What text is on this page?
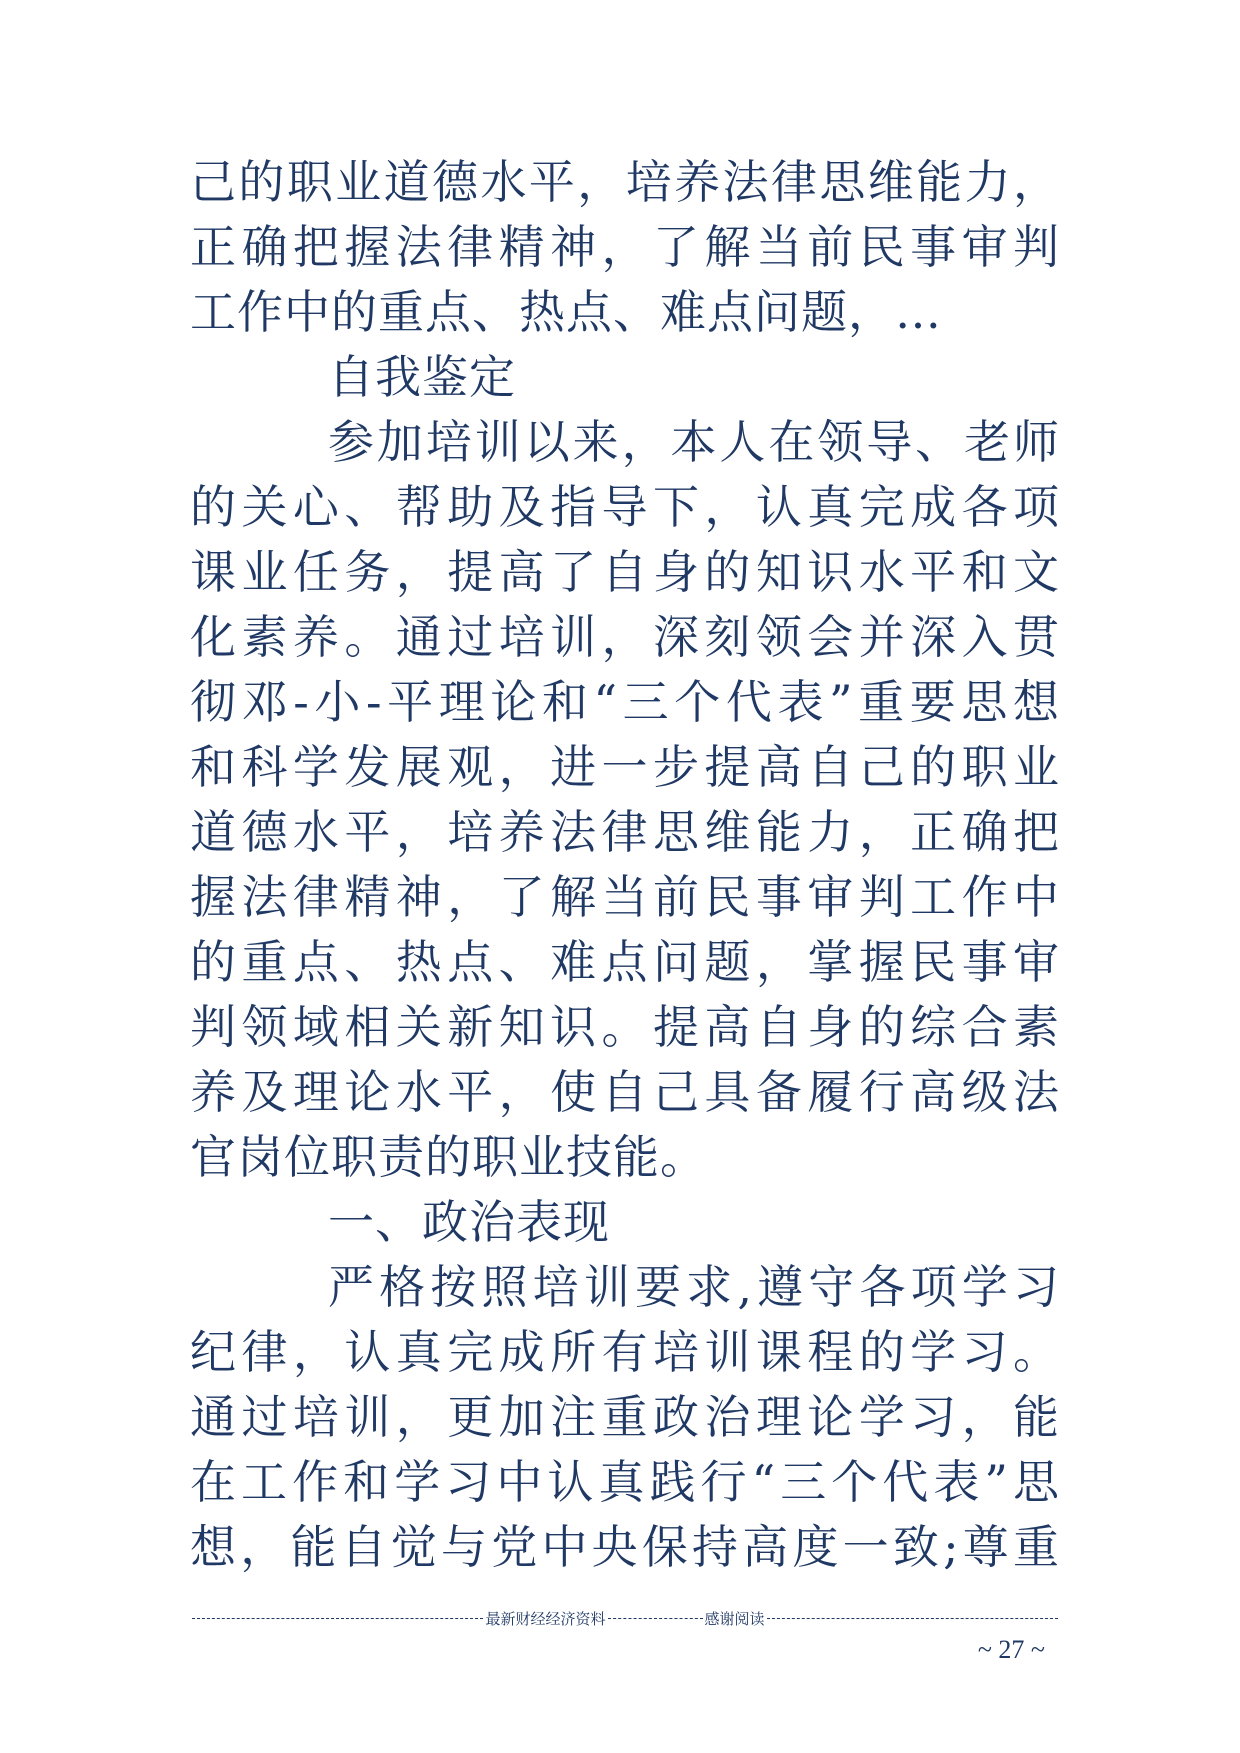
己的职业道德水平，培养法律思维能力，
正确把握法律精神，了解当前民事审判
工作中的重点、热点、难点问题，…
自我鉴定
参加培训以来，本人在领导、老师
的关心、帮助及指导下，认真完成各项
课业任务，提高了自身的知识水平和文
化素养。通过培训，深刻领会并深入贯
彻邓-小-平理论和“三个代表”重要思想
和科学发展观，进一步提高自己的职业
道德水平，培养法律思维能力，正确把
握法律精神，了解当前民事审判工作中
的重点、热点、难点问题，掌握民事审
判领域相关新知识。提高自身的综合素
养及理论水平，使自己具备履行高级法
官岗位职责的职业技能。
一、政治表现
严格按照培训要求,遵守各项学习
纪律，认真完成所有培训课程的学习。
通过培训，更加注重政治理论学习，能
在工作和学习中认真践行“三个代表”思
想，能自觉与党中央保持高度一致;尊重
最新财经经济资料	感谢阅读
~ 27 ~
